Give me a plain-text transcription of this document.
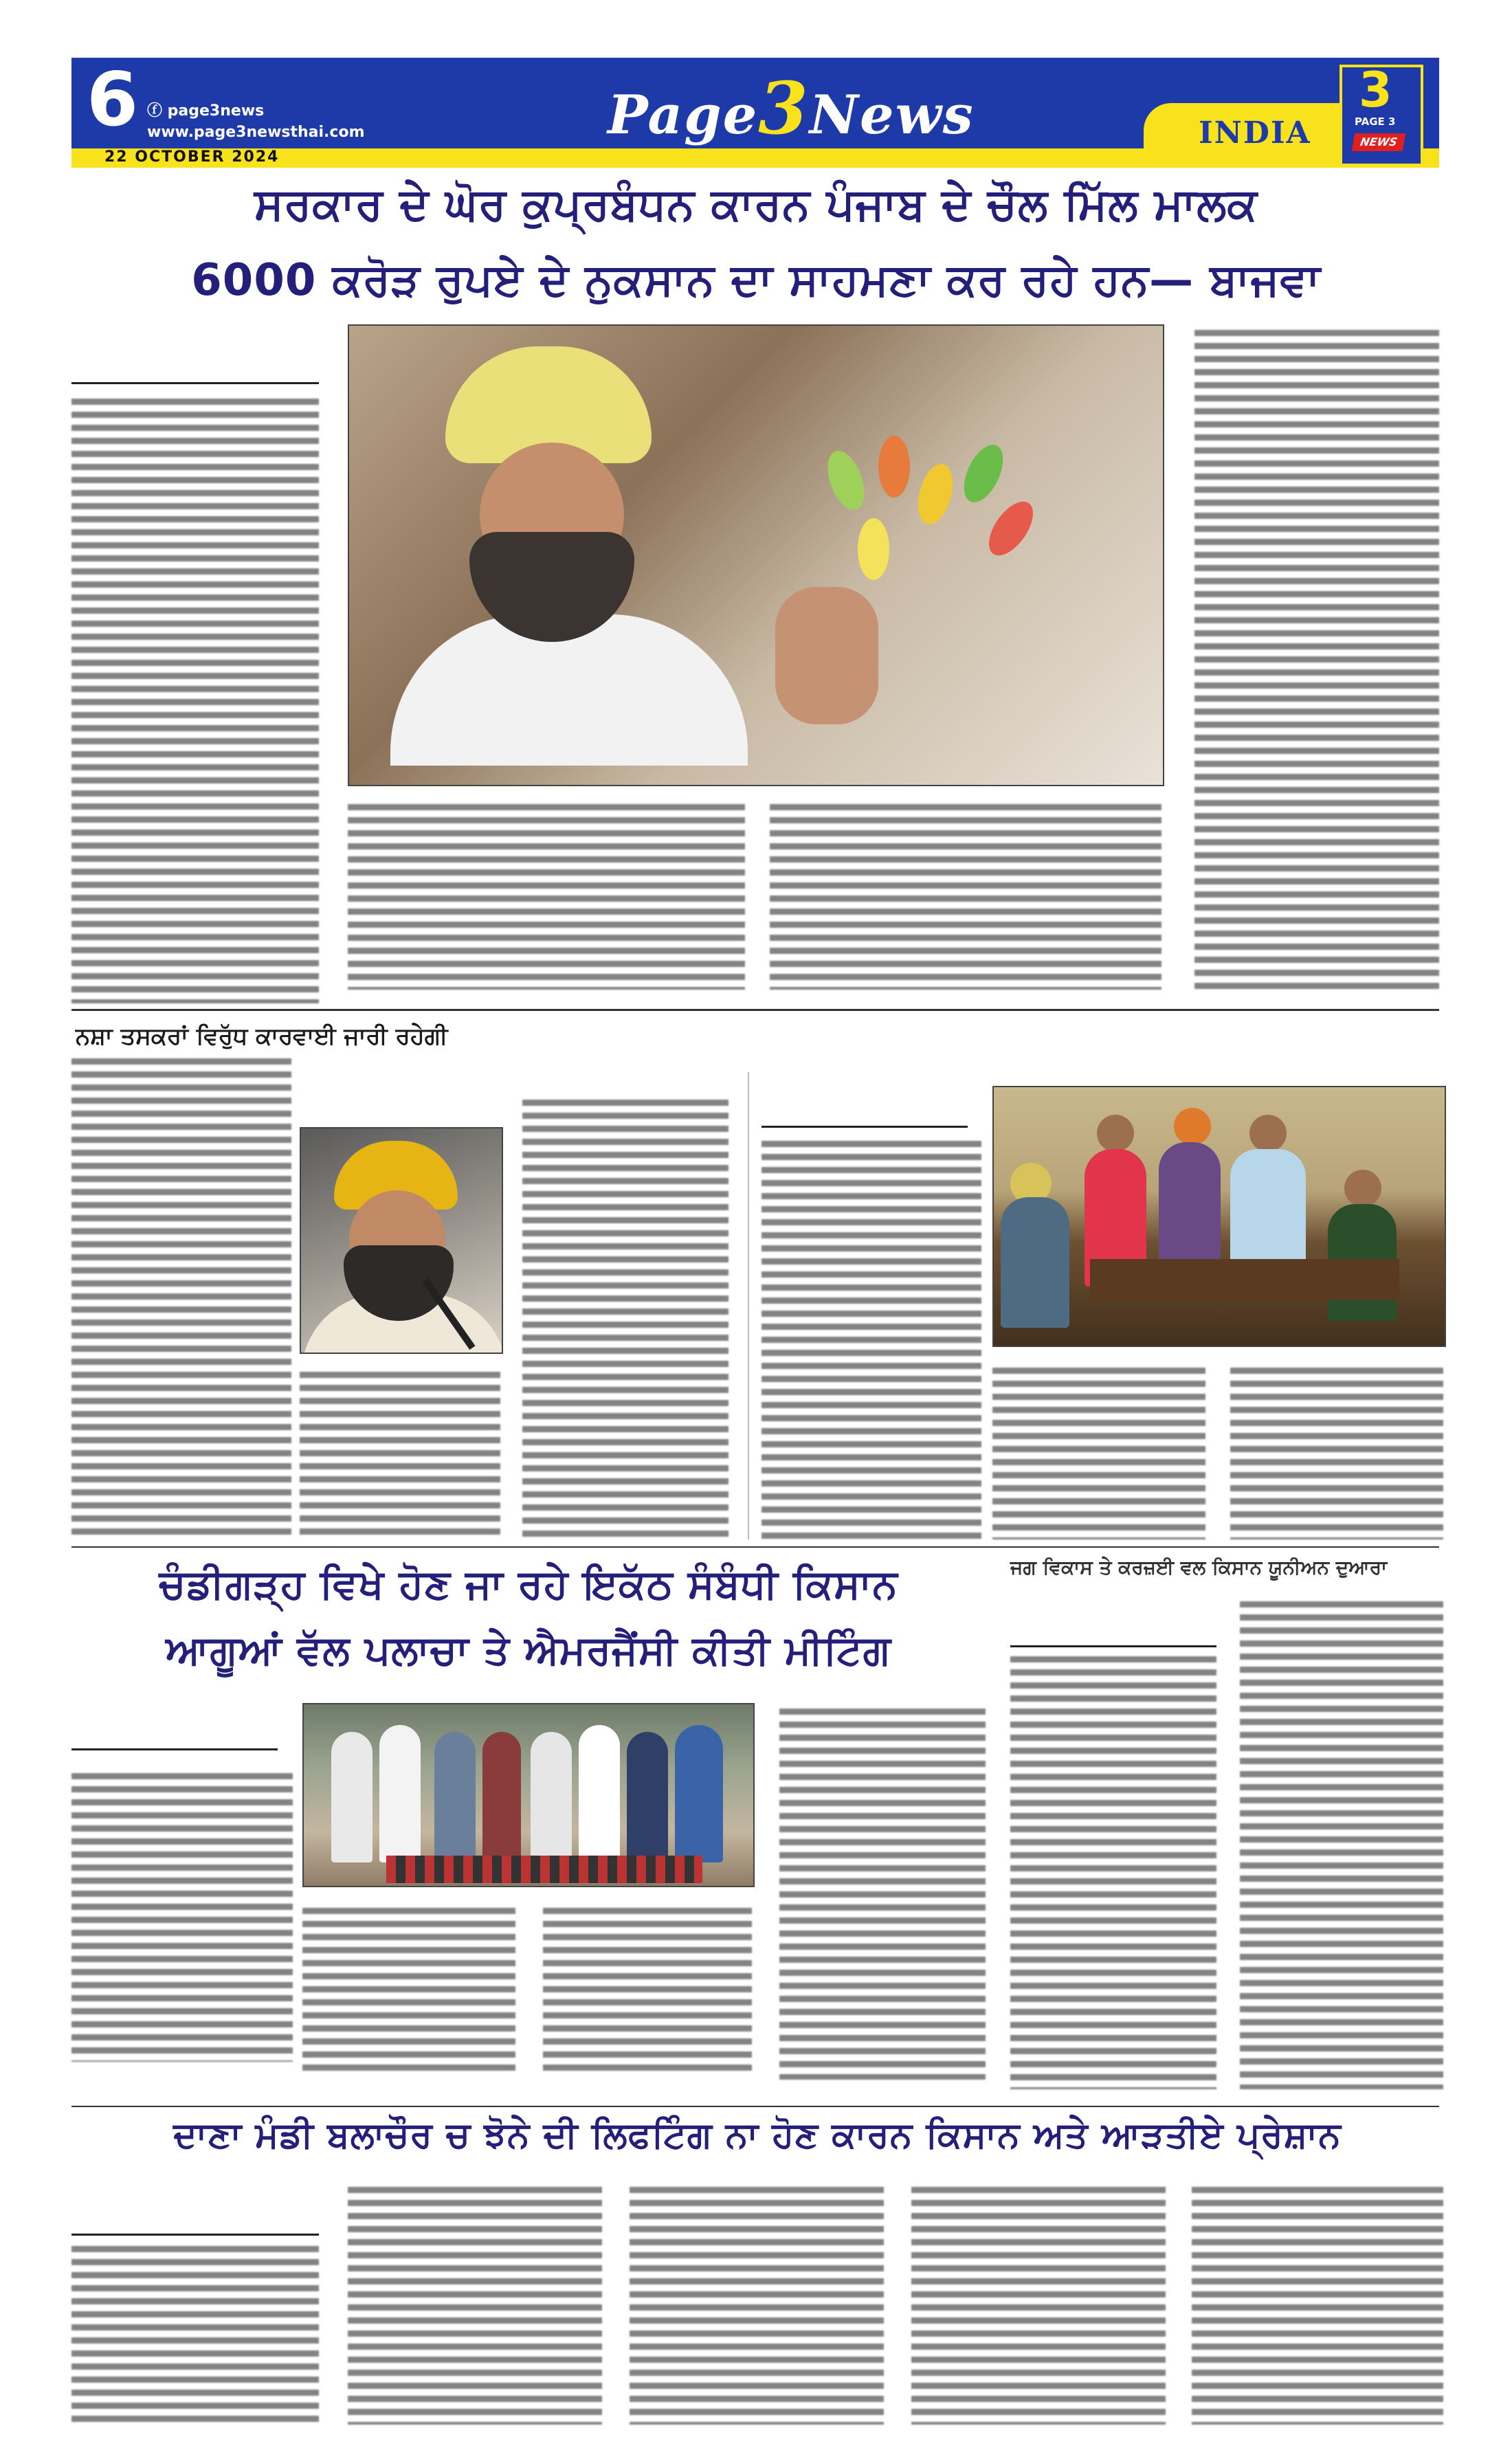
6 ⓕ page3news
www.page3newsthai.com
22 OCTOBER 2024
Page3News	INDIA
3
PAGE 3
NEWS
ਸਰਕਾਰ ਦੇ ਘੋਰ ਕੁਪ੍ਰਬੰਧਨ ਕਾਰਨ ਪੰਜਾਬ ਦੇ ਚੌਲ ਮਿੱਲ ਮਾਲਕ
6000 ਕਰੋੜ ਰੁਪਏ ਦੇ ਨੁਕਸਾਨ ਦਾ ਸਾਹਮਣਾ ਕਰ ਰਹੇ ਹਨ— ਬਾਜਵਾ
ਨਸ਼ਾ ਤਸਕਰਾਂ ਵਿਰੁੱਧ ਕਾਰਵਾਈ ਜਾਰੀ ਰਹੇਗੀ
ਚੰਡੀਗੜ੍ਹ ਵਿਖੇ ਹੋਣ ਜਾ ਰਹੇ ਇਕੱਠ ਸੰਬੰਧੀ ਕਿਸਾਨ
ਆਗੂਆਂ ਵੱਲ ਪਲਾਚਾ ਤੇ ਐਮਰਜੈਂਸੀ ਕੀਤੀ ਮੀਟਿੰਗ
ਜਗ ਵਿਕਾਸ ਤੇ ਕਰਜ਼ਈ ਵਲ ਕਿਸਾਨ ਯੂਨੀਅਨ ਦੁਆਰਾ
ਦਾਣਾ ਮੰਡੀ ਬਲਾਚੌਰ ਚ ਝੋਨੇ ਦੀ ਲਿਫਟਿੰਗ ਨਾ ਹੋਣ ਕਾਰਨ ਕਿਸਾਨ ਅਤੇ ਆੜਤੀਏ ਪ੍ਰੇਸ਼ਾਨ
